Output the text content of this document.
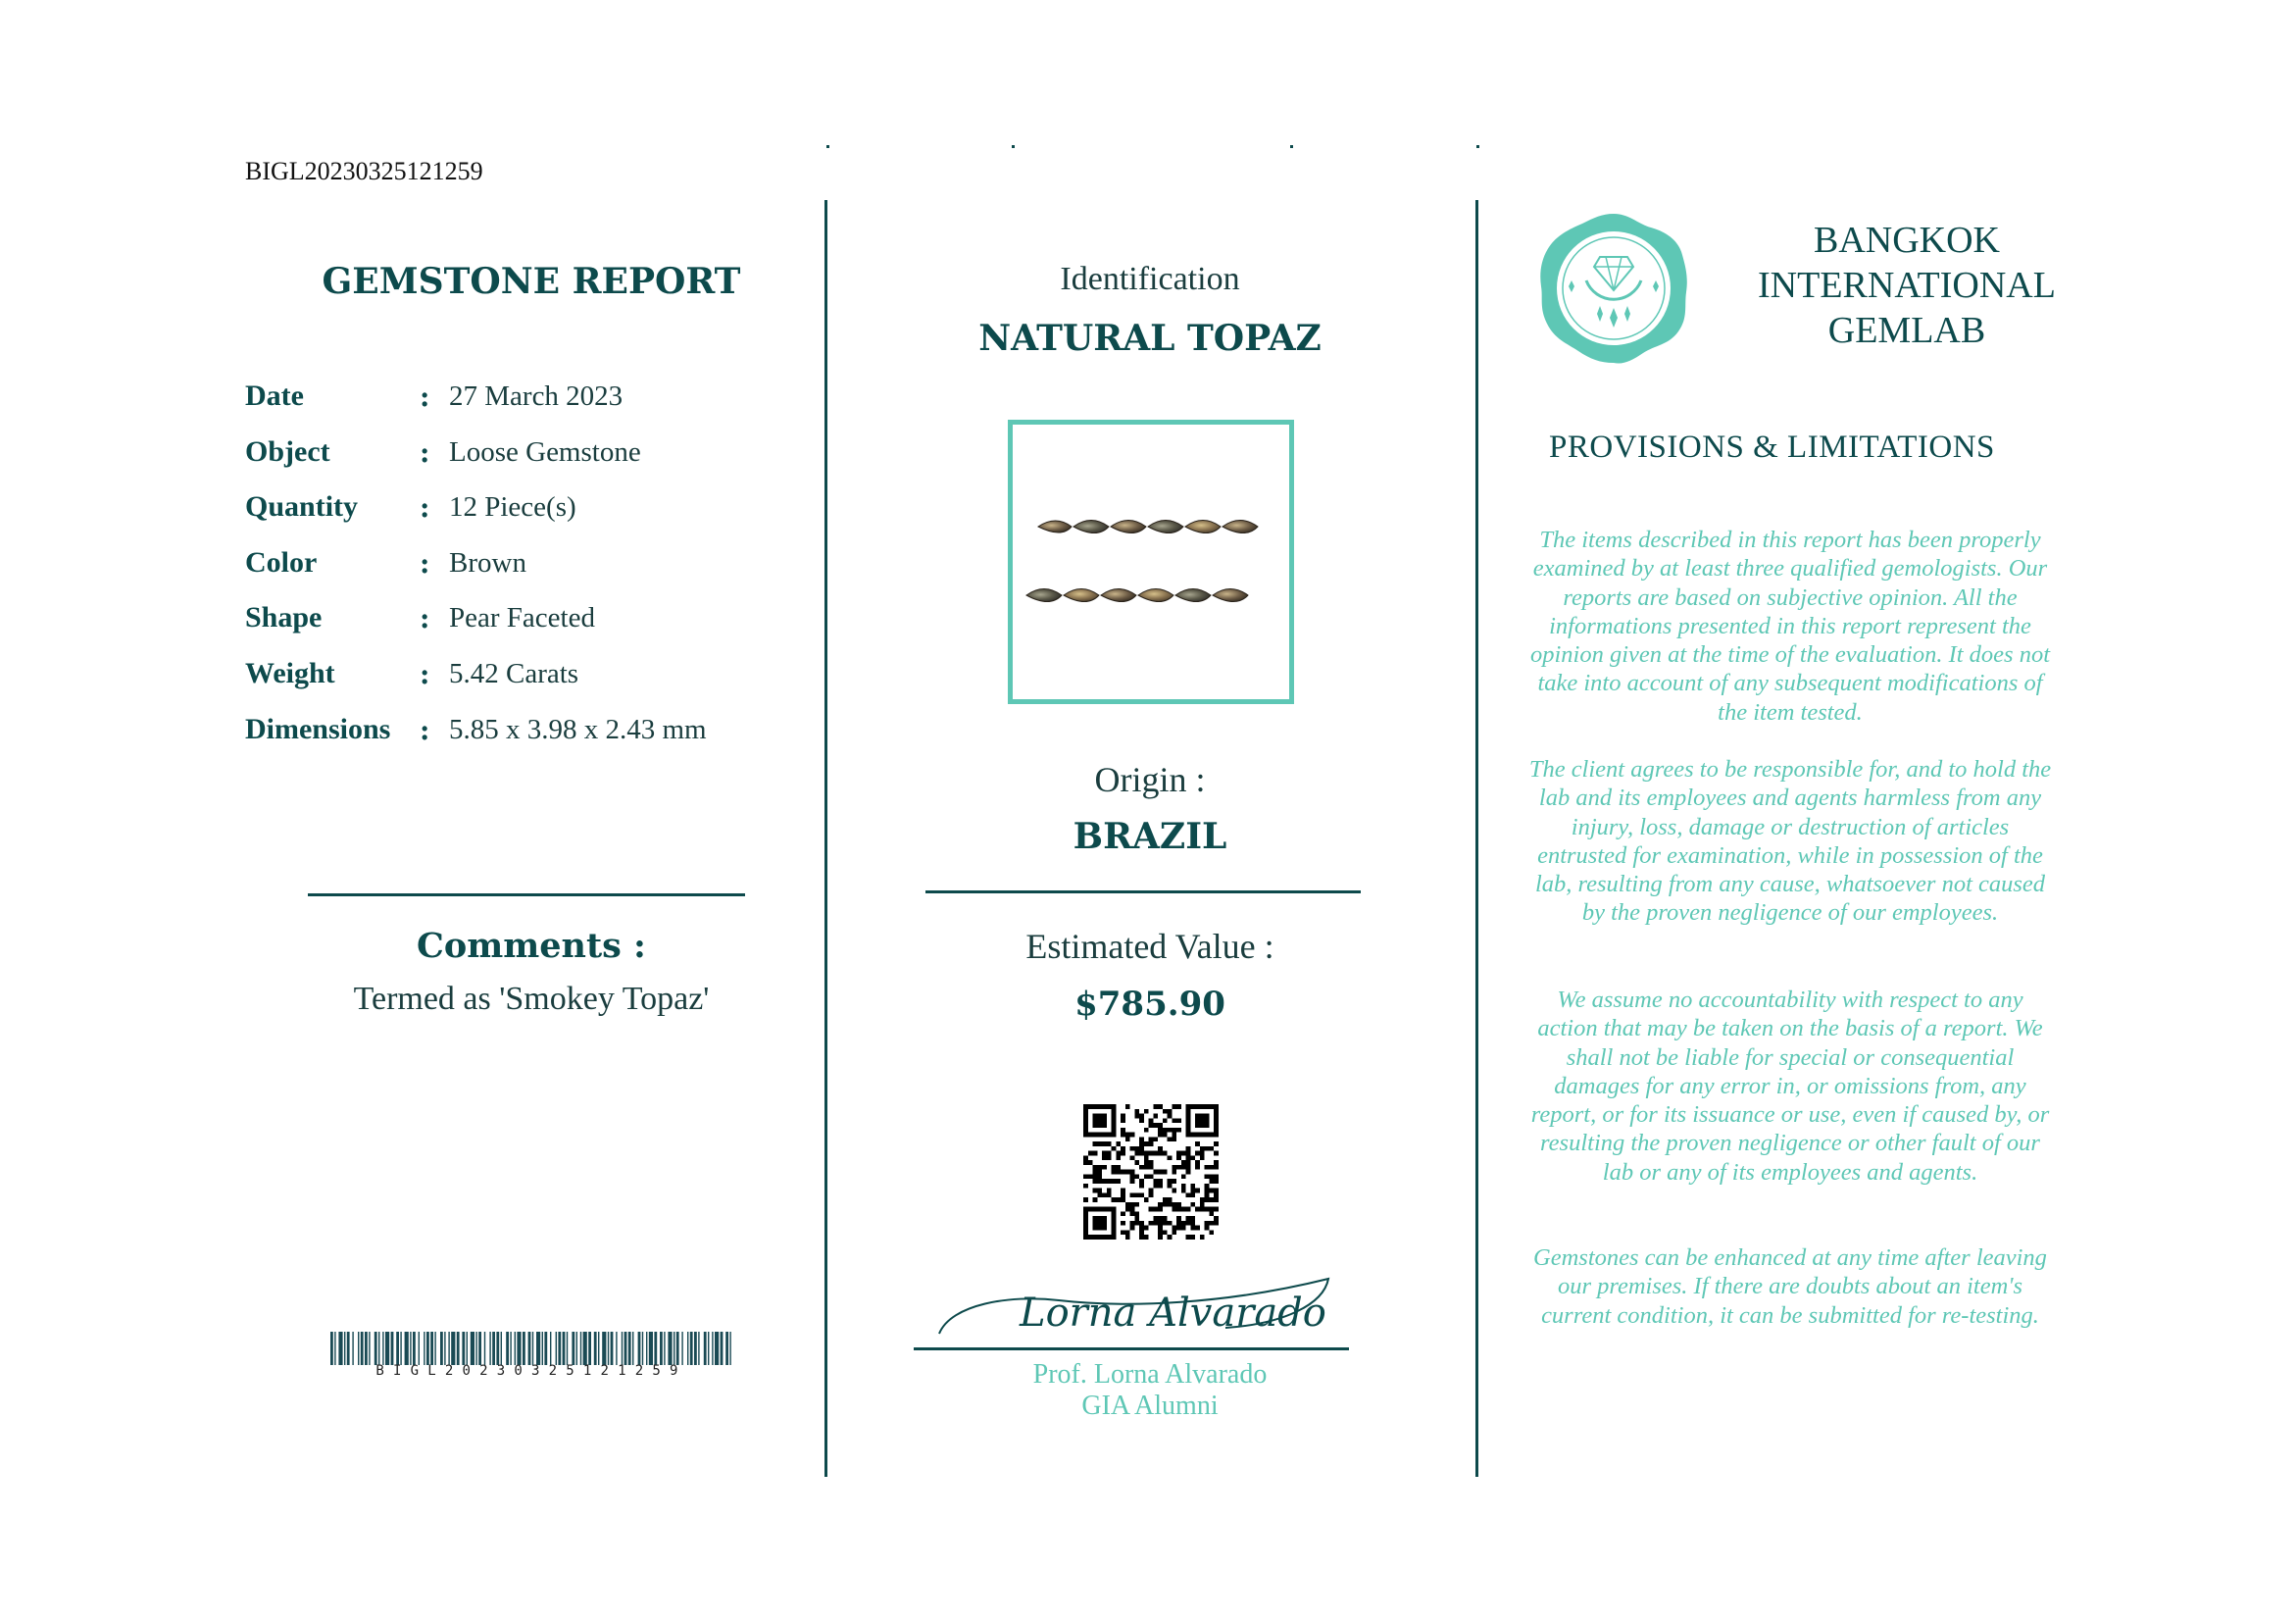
BIGL20230325121259
GEMSTONE REPORT
Date	: 27 March 2023
Object	: Loose Gemstone
Quantity	: 12 Piece(s)
Color	: Brown
Shape	: Pear Faceted
Weight	: 5.42 Carats
Dimensions	: 5.85 x 3.98 x 2.43 mm
Comments :
Termed as 'Smokey Topaz'
BIGL20230325121259
Identification
NATURAL TOPAZ
Origin :
BRAZIL
Estimated Value :
$785.90
Lorna Alvarado
Prof. Lorna Alvarado
GIA Alumni
BANGKOK
INTERNATIONAL
GEMLAB
PROVISIONS & LIMITATIONS
The items described in this report has been properly examined by at least three qualified gemologists. Our reports are based on subjective opinion. All the informations presented in this report represent the opinion given at the time of the evaluation. It does not take into account of any subsequent modifications of the item tested.
The client agrees to be responsible for, and to hold the lab and its employees and agents harmless from any injury, loss, damage or destruction of articles entrusted for examination, while in possession of the lab, resulting from any cause, whatsoever not caused by the proven negligence of our employees.
We assume no accountability with respect to any action that may be taken on the basis of a report. We shall not be liable for special or consequential damages for any error in, or omissions from, any report, or for its issuance or use, even if caused by, or resulting the proven negligence or other fault of our lab or any of its employees and agents.
Gemstones can be enhanced at any time after leaving our premises. If there are doubts about an item's current condition, it can be submitted for re-testing.
